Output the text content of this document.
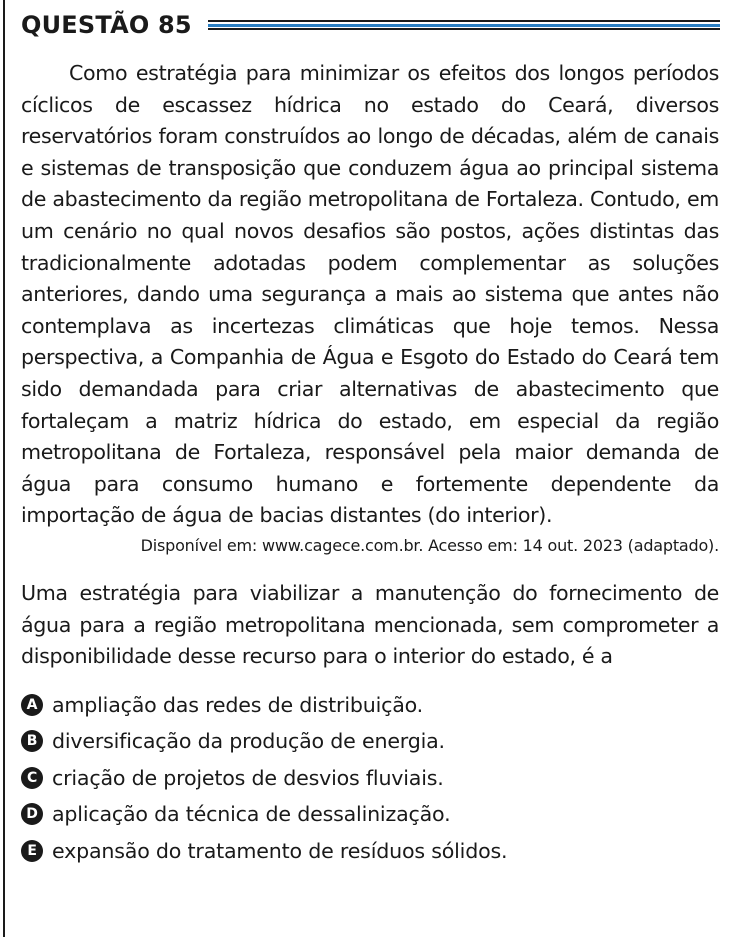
QUESTÃO 85

Como estratégia para minimizar os efeitos dos longos períodos cíclicos de escassez hídrica no estado do Ceará, diversos reservatórios foram construídos ao longo de décadas, além de canais e sistemas de transposição que conduzem água ao principal sistema de abastecimento da região metropolitana de Fortaleza. Contudo, em um cenário no qual novos desafios são postos, ações distintas das tradicionalmente adotadas podem complementar as soluções anteriores, dando uma segurança a mais ao sistema que antes não contemplava as incertezas climáticas que hoje temos. Nessa perspectiva, a Companhia de Água e Esgoto do Estado do Ceará tem sido demandada para criar alternativas de abastecimento que fortaleçam a matriz hídrica do estado, em especial da região metropolitana de Fortaleza, responsável pela maior demanda de água para consumo humano e fortemente dependente da importação de água de bacias distantes (do interior).

Disponível em: www.cagece.com.br. Acesso em: 14 out. 2023 (adaptado).

Uma estratégia para viabilizar a manutenção do fornecimento de água para a região metropolitana mencionada, sem comprometer a disponibilidade desse recurso para o interior do estado, é a

A ampliação das redes de distribuição.
B diversificação da produção de energia.
C criação de projetos de desvios fluviais.
D aplicação da técnica de dessalinização.
E expansão do tratamento de resíduos sólidos.
